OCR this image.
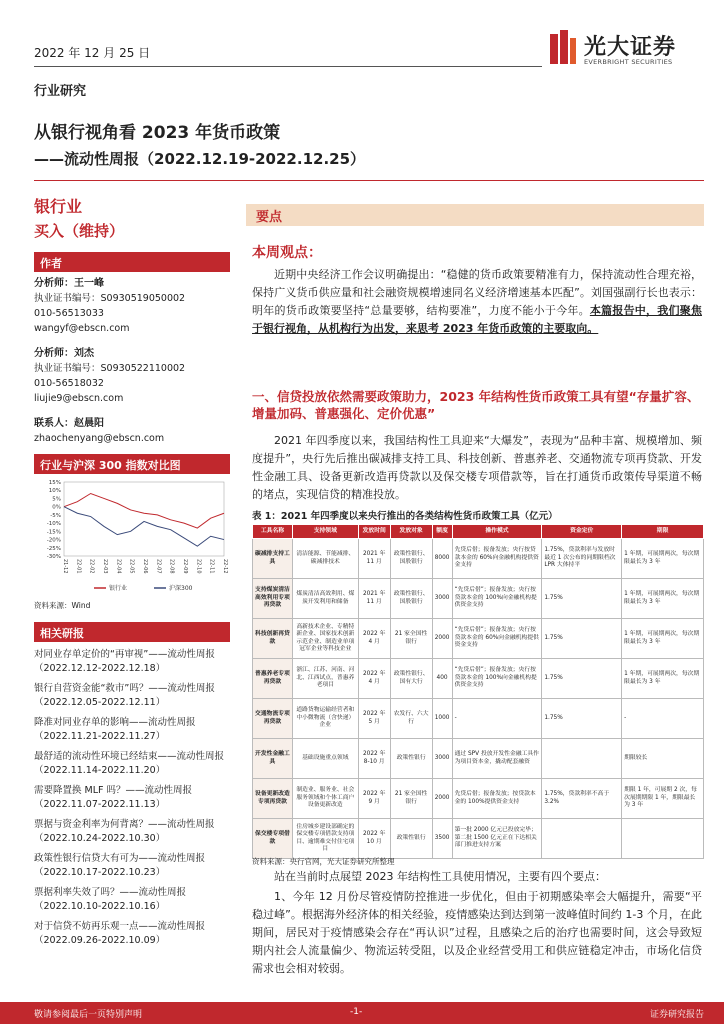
2022 年 12 月 25 日	光大证券
EVERBRIGHT SECURITIES
行业研究
从银行视角看 2023 年货币政策
——流动性周报（2022.12.19-2022.12.25）
银行业
买入（维持）
作者
分析师：王一峰
执业证书编号：S0930519050002
010-56513033
wangyf@ebscn.com
分析师：刘杰
执业证书编号：S0930522110002
010-56518032
liujie9@ebscn.com
联系人：赵晨阳
zhaochenyang@ebscn.com
行业与沪深 300 指数对比图
15%
10%
5%
0%
-5%
-10%
-15%
-20%
-25%
-30%
21-12 22-01 22-02 22-03 22-04 22-05 22-06 22-07 22-08 22-09 22-10 22-11 22-12
银行业	沪深300
资料来源：Wind
相关研报
对同业存单定价的“再审视”——流动性周报
（2022.12.12-2022.12.18）
银行自营资金能“救市”吗？——流动性周报
（2022.12.05-2022.12.11）
降准对同业存单的影响——流动性周报
（2022.11.21-2022.11.27）
最舒适的流动性环境已经结束——流动性周报
（2022.11.14-2022.11.20）
需要降置换 MLF 吗？——流动性周报
（2022.11.07-2022.11.13）
票据与资金利率为何背离？——流动性周报
（2022.10.24-2022.10.30）
政策性银行信贷大有可为——流动性周报
（2022.10.17-2022.10.23）
票据利率失效了吗？——流动性周报
（2022.10.10-2022.10.16）
对于信贷不妨再乐观一点——流动性周报
（2022.09.26-2022.10.09）
要点
本周观点：
近期中央经济工作会议明确提出：“稳健的货币政策要精准有力，保持流动性合理充裕，保持广义货币供应量和社会融资规模增速同名义经济增速基本匹配”。刘国强副行长也表示：明年的货币政策要坚持“总量要够，结构要准”，力度不能小于今年。本篇报告中，我们聚焦于银行视角，从机构行为出发，来思考 2023 年货币政策的主要取向。
一、信贷投放依然需要政策助力，2023 年结构性货币政策工具有望“存量扩容、增量加码、普惠强⁠化、定价优惠”
2021 年四季度以来，我国结构性工具迎来“大爆发”，表现为“品种丰富、规模增加、频度提升”，央行先后推出碳减排支持工具、科技创新、普惠养老、交通物流专项再贷款、开发性金融工具、设备更新改造再贷款以及保交楼专项借款等，旨在打通货币政策传导渠道不畅的堵点，实现信贷的精准投放。
表 1：2021 年四季度以来央行推出的各类结构性货币政策工具（亿元）
工具名称	支持领域	发放时间	发放对象	额度	操作模式	资金定价	期限
碳减排支持工具	清洁能源、节能减排、碳减排技术	2021 年 11 月	政策性银行、国股银行	8000	先贷后借；报备发放；央行按贷款本金的 60%向金融机构提供资金支持	1.75%，贷款利率与发放时最近 1 次公布的同期限档次 LPR 大体持平	1 年期，可展期两次，每次期限最长为 3 年
支持煤炭清洁高效利用专项再贷款	煤炭清洁高效利用、煤炭开发利用和储备	2021 年 11 月	政策性银行、国股银行	3000	“先贷后借”；报备发放；央行按贷款本金的 100%向金融机构提供资金支持	1.75%	1 年期，可展期两次，每次期限最长为 3 年
科技创新再贷款	高新技术企业、专精特新企业、国家技术创新示范企业、制造业单项冠军企业等科技企业	2022 年 4 月	21 家全国性银行	2000	“先贷后借”；报备发放；央行按贷款本金的 60%向金融机构提供资金支持	1.75%	1 年期，可展期两次，每次期限最长为 3 年
普惠养老专项再贷款	浙江、江苏、河南、河北、江西试点，普惠养老项目	2022 年 4 月	政策性银行、国有大行	400	“先贷后借”；报备发放；央行按贷款本金的 100%向金融机构提供资金支持	1.75%	1 年期，可展期两次，每次期限最长为 3 年
交通物流专项再贷款	道路货物运输经营者和中小微物流（含快递）企业	2022 年 5 月	农发行、六大行	1000	-	1.75%	-
开发性金融工具	基础设施重点领域	2022 年 8-10 月	政策性银行	3000	通过 SPV 投放开发性金融工具作为项目资本金，撬动配套融资		期限较长
设备更新改造专项再贷款	制造业、服务业、社会服务领域和个体工商户设备更新改造	2022 年 9 月	21 家全国性银行	2000	先贷后借；报备发放；按贷款本金的 100%提供资金支持	1.75%，贷款利率不高于 3.2%	期限 1 年，可展期 2 次，每次展期期限 1 年，期限最长为 3 年
保交楼专项借款	住房城乡建设部确定的保交楼专项借款支持项目、逾期难交付住宅项目	2022 年 10 月	政策性银行	3500	第一批 2000 亿元已投放完毕；第二批 1500 亿元正在下达相关部门推进支持方案		
资料来源：央行官网，光大证券研究所整理
站在当前时点展望 2023 年结构性工具使用情况，主要有四个要点：
1、今年 12 月份尽管疫情防控推进一步优化，但由于初期感染率会大幅提升，需要“平稳过峰”。根据海外经济体的相关经验，疫情感染达到达到第一波峰值时间约 1-3 个月，在此期间，居民对于疫情感染会存在“再认识”过程，且感染之后的治疗也需要时间，这会导致短期内社会人流量偏少、物流运转受阻，以及企业经营受用工和供应链稳定冲击，市场化信贷需求也会相对较弱。
敬请参阅最后一页特别声明	-1-	证券研究报告
